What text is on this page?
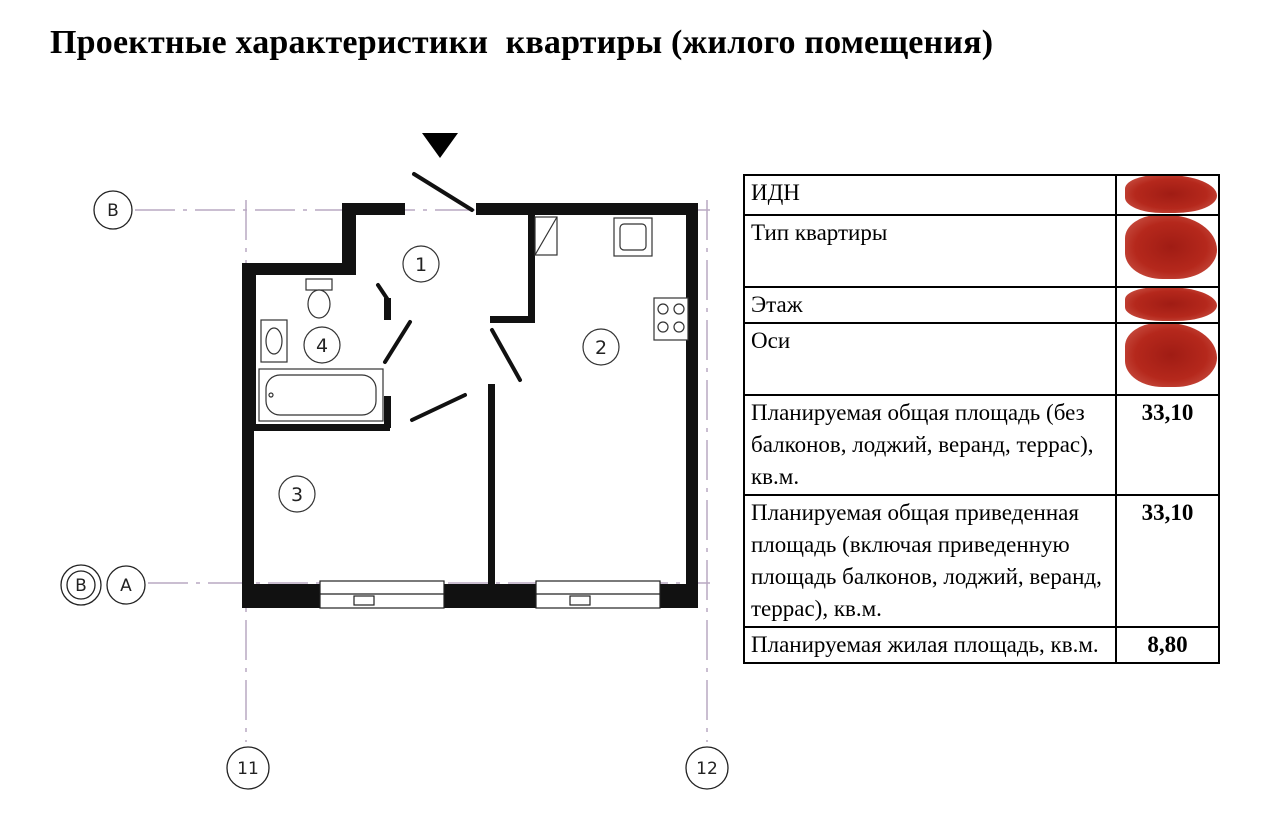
Проектные характеристики  квартиры (жилого помещения)
В
В А
11	12
1
2
3
4
ИДН	

Тип квартиры	

Этаж	

Оси	

Планируемая общая площадь (без балконов, лоджий, веранд, террас), кв.м.	33,10
Планируемая общая приведенная площадь (включая приведенную площадь балконов, лоджий, веранд, террас), кв.м.	33,10
Планируемая жилая площадь, кв.м.	8,80
